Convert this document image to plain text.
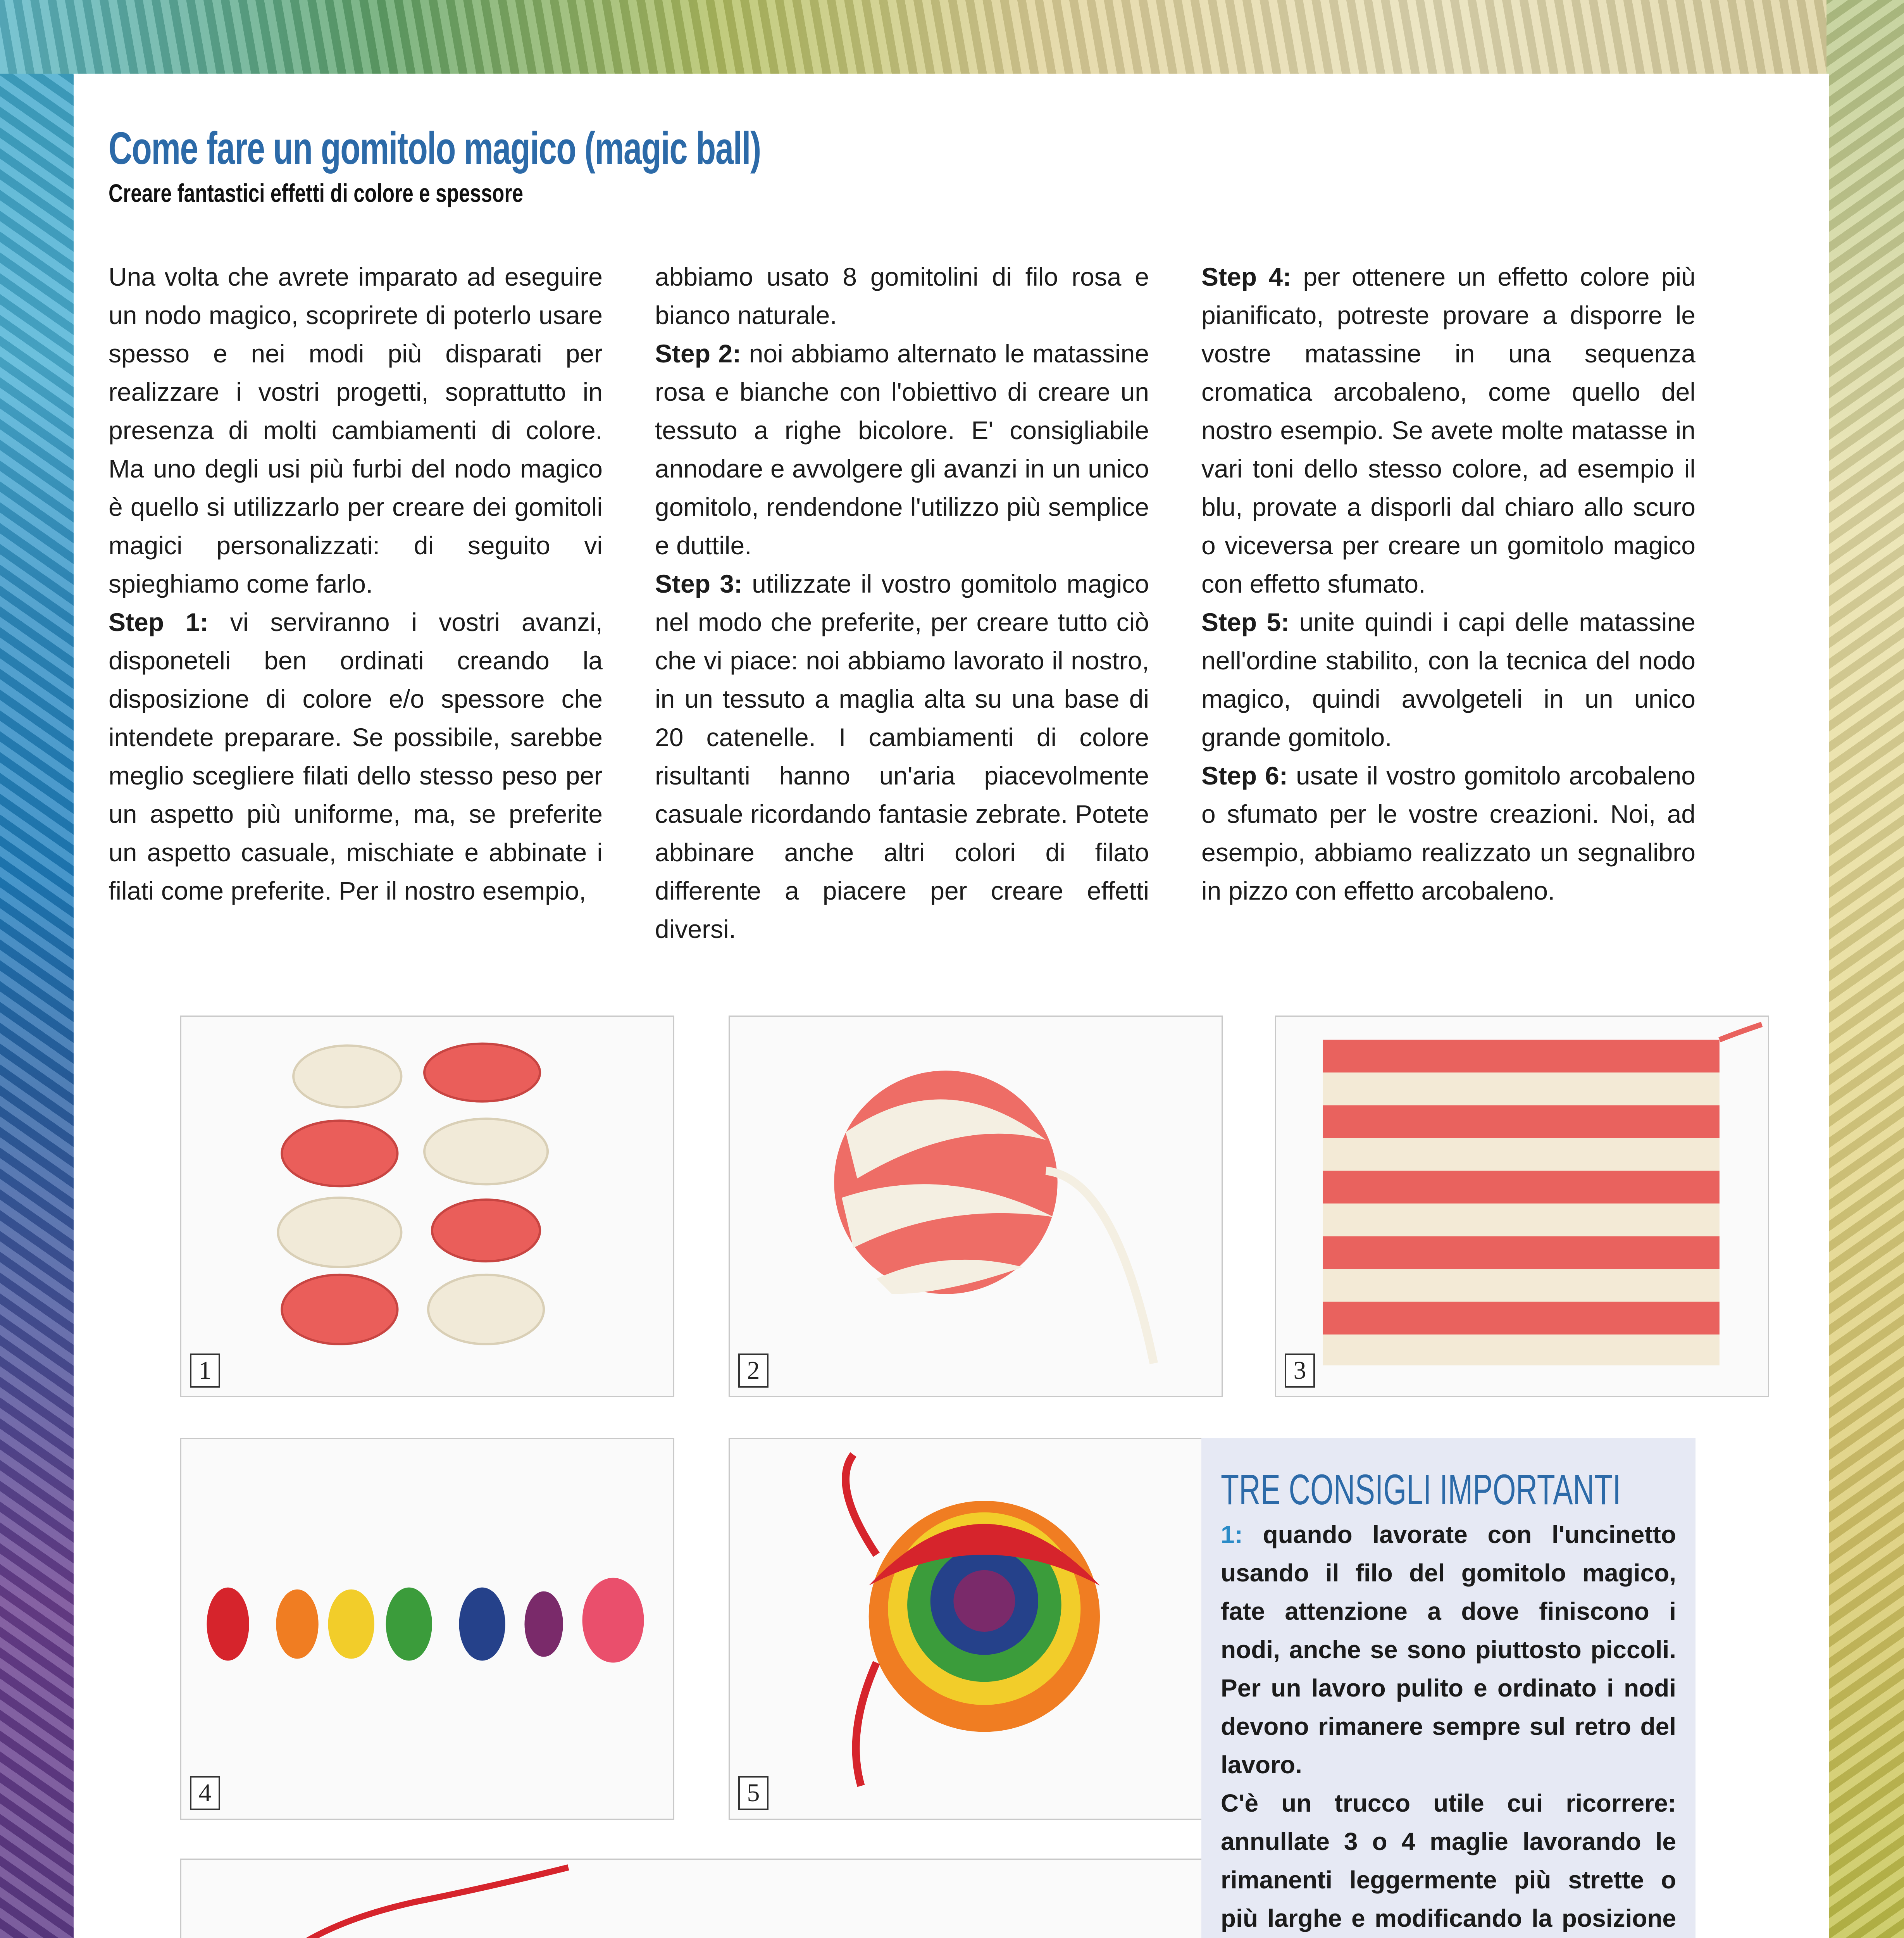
Come fare un gomitolo magico (magic ball)
Creare fantastici effetti di colore e spessore

Una volta che avrete imparato ad eseguire un nodo magico, scoprirete di poterlo usare spesso e nei modi più disparati per realizzare i vostri progetti, soprattutto in presenza di molti cambiamenti di colore. Ma uno degli usi più furbi del nodo magico è quello si utilizzarlo per creare dei gomitoli magici personalizzati: di seguito vi spieghiamo come farlo.

Step 1: vi serviranno i vostri avanzi, disponeteli ben ordinati creando la disposizione di colore e/o spessore che intendete preparare. Se possibile, sarebbe meglio scegliere filati dello stesso peso per un aspetto più uniforme, ma, se preferite un aspetto casuale, mischiate e abbinate i filati come preferite. Per il nostro esempio,

abbiamo usato 8 gomitolini di filo rosa e bianco naturale.

Step 2: noi abbiamo alternato le matassine rosa e bianche con l'obiettivo di creare un tessuto a righe bicolore. E' consigliabile annodare e avvolgere gli avanzi in un unico gomitolo, rendendone l'utilizzo più semplice e duttile.

Step 3: utilizzate il vostro gomitolo magico nel modo che preferite, per creare tutto ciò che vi piace: noi abbiamo lavorato il nostro, in un tessuto a maglia alta su una base di 20 catenelle. I cambiamenti di colore risultanti hanno un'aria piacevolmente casuale ricordando fantasie zebrate. Potete abbinare anche altri colori di filato differente a piacere per creare effetti diversi.

Step 4: per ottenere un effetto colore più pianificato, potreste provare a disporre le vostre matassine in una sequenza cromatica arcobaleno, come quello del nostro esempio. Se avete molte matasse in vari toni dello stesso colore, ad esempio il blu, provate a disporli dal chiaro allo scuro o viceversa per creare un gomitolo magico con effetto sfumato.

Step 5: unite quindi i capi delle matassine nell'ordine stabilito, con la tecnica del nodo magico, quindi avvolgeteli in un unico grande gomitolo.

Step 6: usate il vostro gomitolo arcobaleno o sfumato per le vostre creazioni. Noi, ad esempio, abbiamo realizzato un segnalibro in pizzo con effetto arcobaleno.

1	2	3
4	5
TRE CONSIGLI IMPORTANTI

1: quando lavorate con l'uncinetto usando il filo del gomitolo magico, fate attenzione a dove finiscono i nodi, anche se sono piuttosto piccoli. Per un lavoro pulito e ordinato i nodi devono rimanere sempre sul retro del lavoro.

C'è un trucco utile cui ricorrere: annullate 3 o 4 maglie lavorando le rimanenti leggermente più strette o più larghe e modificando la posizione
